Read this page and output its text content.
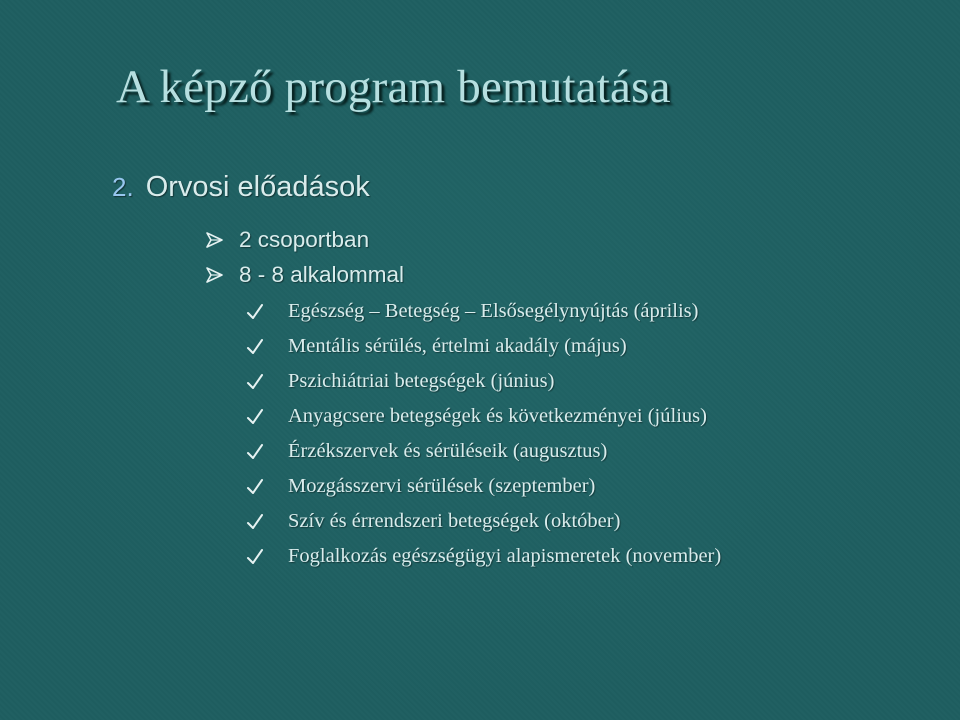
A képző program bemutatása
2. Orvosi előadások
2 csoportban
8 - 8 alkalommal
Egészség – Betegség – Elsősegélynyújtás (április)
Mentális sérülés, értelmi akadály (május)
Pszichiátriai betegségek (június)
Anyagcsere betegségek és következményei (július)
Érzékszervek és sérüléseik (augusztus)
Mozgásszervi sérülések (szeptember)
Szív és érrendszeri betegségek (október)
Foglalkozás egészségügyi alapismeretek (november)
